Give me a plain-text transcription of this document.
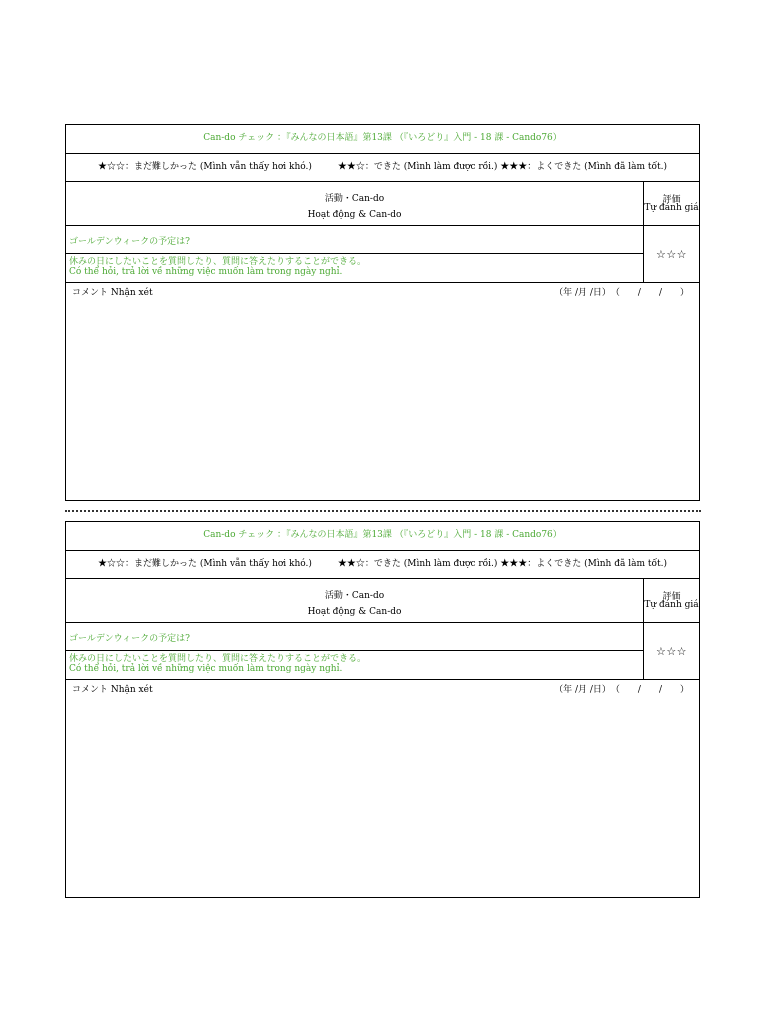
Can-do チェック ：『みんなの日本語』第13課 （『いろどり』入門 - 18 課 - Cando76）
★☆☆：まだ難しかった (Mình vẫn thấy hơi khó.)	★★☆：できた (Mình làm được rồi.) ★★★：よくできた (Mình đã làm tốt.)
活動・Can-do
Hoạt động & Can-do
評価
Tự đánh giá
ゴールデンウィークの予定は?
休みの日にしたいことを質問したり、質問に答えたりすることができる。
Có thể hỏi, trả lời về những việc muốn làm trong ngày nghỉ.
☆☆☆
コメント Nhận xét	（年 /月 /日）　（　　/　　/　　）
Can-do チェック ：『みんなの日本語』第13課 （『いろどり』入門 - 18 課 - Cando76）
★☆☆：まだ難しかった (Mình vẫn thấy hơi khó.)	★★☆：できた (Mình làm được rồi.) ★★★：よくできた (Mình đã làm tốt.)
活動・Can-do
Hoạt động & Can-do
評価
Tự đánh giá
ゴールデンウィークの予定は?
休みの日にしたいことを質問したり、質問に答えたりすることができる。
Có thể hỏi, trả lời về những việc muốn làm trong ngày nghỉ.
☆☆☆
コメント Nhận xét	（年 /月 /日）　（　　/　　/　　）
